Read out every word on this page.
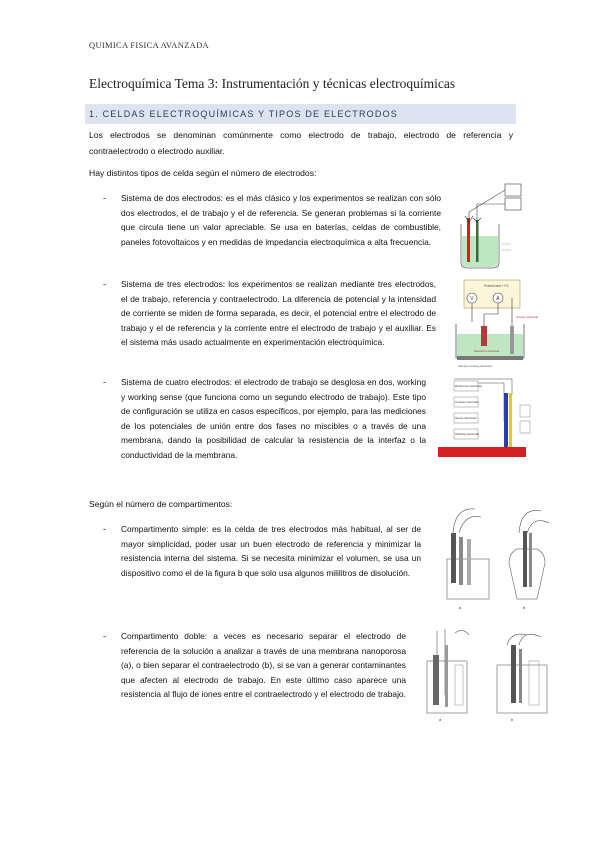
QUIMICA FISICA AVANZADA
Electroquímica Tema 3: Instrumentación y técnicas electroquímicas
1. CELDAS ELECTROQUÍMICAS Y TIPOS DE ELECTRODOS
Los electrodos se denominan comúnmente como electrodo de trabajo, electrodo de referencia y contraelectrodo o electrodo auxiliar.
Hay distintos tipos de celda según el número de electrodos:
- Sistema de dos electrodos: es el más clásico y los experimentos se realizan con sólo dos electrodos, el de trabajo y el de referencia. Se generan problemas si la corriente que circula tiene un valor apreciable. Se usa en baterías, celdas de combustible, paneles fotovoltaicos y en medidas de impedancia electroquímica a alta frecuencia.
- Sistema de tres electrodos: los experimentos se realizan mediante tres electrodos, el de trabajo, referencia y contraelectrodo. La diferencia de potencial y la intensidad de corriente se miden de forma separada, es decir, el potencial entre el electrodo de trabajo y el de referencia y la corriente entre el electrodo de trabajo y el auxiliar. Es el sistema más usado actualmente en experimentación electroquímica.
- Sistema de cuatro electrodos: el electrodo de trabajo se desglosa en dos, working y working sense (que funciona como un segundo electrodo de trabajo). Este tipo de configuración se utiliza en casos específicos, por ejemplo, para las mediciones de los potenciales de unión entre dos fases no miscibles o a través de una membrana, dando la posibilidad de calcular la resistencia de la interfaz o la conductividad de la membrana.
Según el número de compartimentos:
- Compartimento simple: es la celda de tres electrodos más habitual, al ser de mayor simplicidad, poder usar un buen electrodo de referencia y minimizar la resistencia interna del sistema. Si se necesita minimizar el volumen, se usa un dispositivo como el de la figura b que solo usa algunos mililitros de disolución.
- Compartimento doble: a veces es necesario separar el electrodo de referencia de la solución a analizar a través de una membrana nanoporosa (a), o bien separar el contraelectrodo (b), si se van a generar contaminantes que afecten al electrodo de trabajo. En este último caso aparece una resistencia al flujo de iones entre el contraelectrodo y el electrodo de trabajo.
Potentiostat + PC
V	A
Counter electrode
Reference electrode
Sample (working electrode)
Reference electrode
Counter electrode
Sense electrode
Working electrode
a	b
a	b
